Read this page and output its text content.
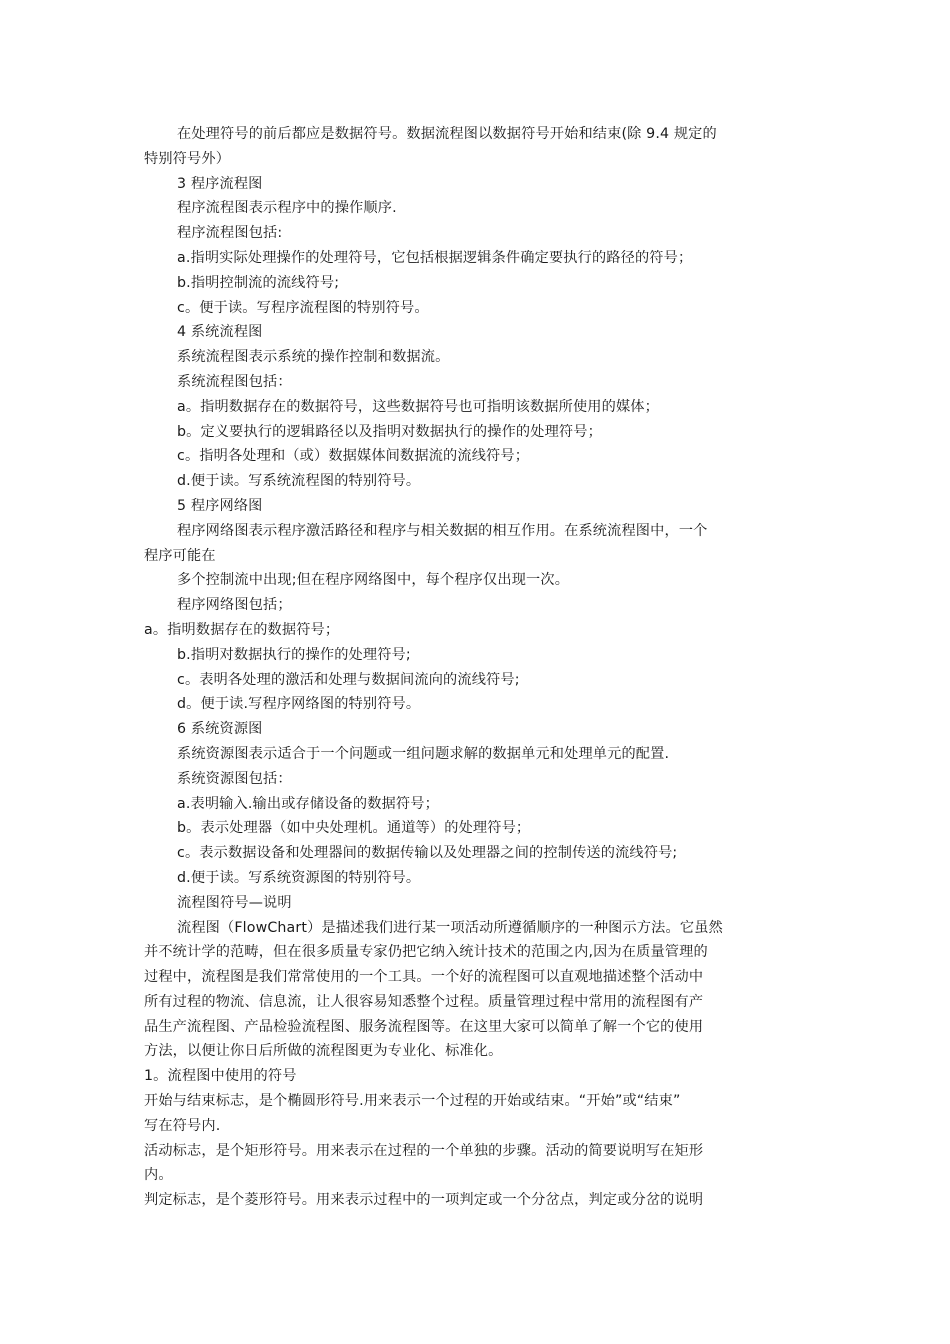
在处理符号的前后都应是数据符号。数据流程图以数据符号开始和结束(除 9.4 规定的
特别符号外）
3 程序流程图
程序流程图表示程序中的操作顺序.
程序流程图包括:
a.指明实际处理操作的处理符号，它包括根据逻辑条件确定要执行的路径的符号；
b.指明控制流的流线符号;
c。便于读。写程序流程图的特别符号。
4 系统流程图
系统流程图表示系统的操作控制和数据流。
系统流程图包括：
a。指明数据存在的数据符号，这些数据符号也可指明该数据所使用的媒体；
b。定义要执行的逻辑路径以及指明对数据执行的操作的处理符号；
c。指明各处理和（或）数据媒体间数据流的流线符号；
d.便于读。写系统流程图的特别符号。
5 程序网络图
程序网络图表示程序激活路径和程序与相关数据的相互作用。在系统流程图中，一个
程序可能在
多个控制流中出现;但在程序网络图中，每个程序仅出现一次。
程序网络图包括；
a。指明数据存在的数据符号；
b.指明对数据执行的操作的处理符号;
c。表明各处理的激活和处理与数据间流向的流线符号;
d。便于读.写程序网络图的特别符号。
6 系统资源图
系统资源图表示适合于一个问题或一组问题求解的数据单元和处理单元的配置.
系统资源图包括：
a.表明输入.输出或存储设备的数据符号；
b。表示处理器（如中央处理机。通道等）的处理符号；
c。表示数据设备和处理器间的数据传输以及处理器之间的控制传送的流线符号;
d.便于读。写系统资源图的特别符号。
流程图符号—说明
流程图（FlowChart）是描述我们进行某一项活动所遵循顺序的一种图示方法。它虽然
并不统计学的范畴，但在很多质量专家仍把它纳入统计技术的范围之内,因为在质量管理的
过程中，流程图是我们常常使用的一个工具。一个好的流程图可以直观地描述整个活动中
所有过程的物流、信息流，让人很容易知悉整个过程。质量管理过程中常用的流程图有产
品生产流程图、产品检验流程图、服务流程图等。在这里大家可以简单了解一个它的使用
方法，以便让你日后所做的流程图更为专业化、标准化。
1。流程图中使用的符号
开始与结束标志，是个椭圆形符号.用来表示一个过程的开始或结束。“开始”或“结束”
写在符号内.
活动标志，是个矩形符号。用来表示在过程的一个单独的步骤。活动的简要说明写在矩形
内。
判定标志，是个菱形符号。用来表示过程中的一项判定或一个分岔点，判定或分岔的说明
